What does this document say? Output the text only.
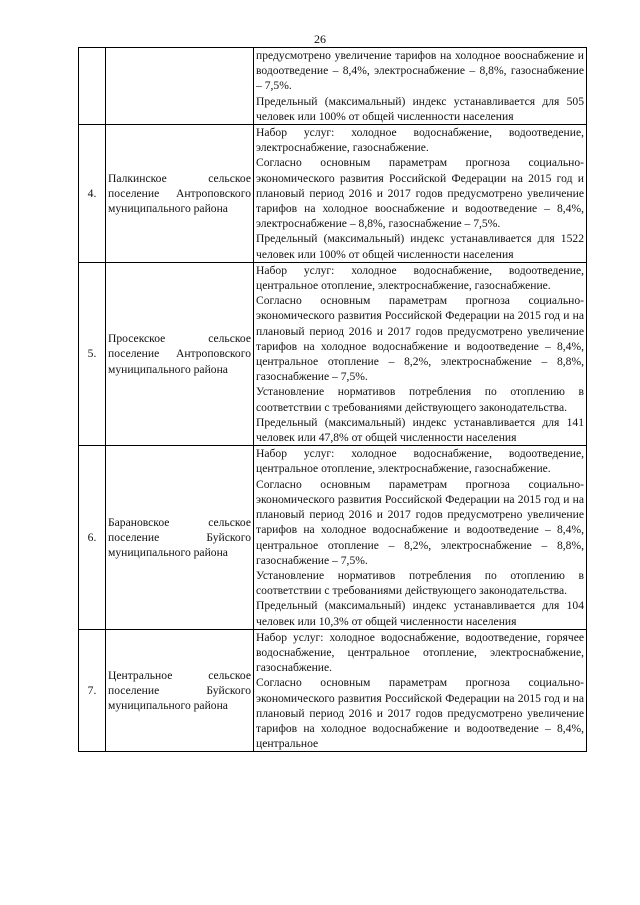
26

		предусмотрено увеличение тарифов на холодное вооснабжение и водоотведение – 8,4%, электроснабжение – 8,8%, газоснабжение – 7,5%.
Предельный (максимальный) индекс устанавливается для 505 человек или 100% от общей численности населения

4.	Палкинское сельское поселение Антроповского муниципального района	Набор услуг: холодное водоснабжение, водоотведение, электроснабжение, газоснабжение.
Согласно основным параметрам прогноза социально-экономического развития Российской Федерации на 2015 год и плановый период 2016 и 2017 годов предусмотрено увеличение тарифов на холодное вооснабжение и водоотведение – 8,4%, электроснабжение – 8,8%, газоснабжение – 7,5%.
Предельный (максимальный) индекс устанавливается для 1522 человек или 100% от общей численности населения

5.	Просекское сельское поселение Антроповского муниципального района	Набор услуг: холодное водоснабжение, водоотведение, центральное отопление, электроснабжение, газоснабжение.
Согласно основным параметрам прогноза социально-экономического развития Российской Федерации на 2015 год и на плановый период 2016 и 2017 годов предусмотрено увеличение тарифов на холодное водоснабжение и водоотведение – 8,4%, центральное отопление – 8,2%, электроснабжение – 8,8%, газоснабжение – 7,5%.
Установление нормативов потребления по отоплению в соответствии с требованиями действующего законодательства.
Предельный (максимальный) индекс устанавливается для 141 человек или 47,8% от общей численности населения

6.	Барановское сельское поселение Буйского муниципального района	Набор услуг: холодное водоснабжение, водоотведение, центральное отопление, электроснабжение, газоснабжение.
Согласно основным параметрам прогноза социально-экономического развития Российской Федерации на 2015 год и на плановый период 2016 и 2017 годов предусмотрено увеличение тарифов на холодное водоснабжение и водоотведение – 8,4%, центральное отопление – 8,2%, электроснабжение – 8,8%, газоснабжение – 7,5%.
Установление нормативов потребления по отоплению в соответствии с требованиями действующего законодательства.
Предельный (максимальный) индекс устанавливается для 104 человек или 10,3% от общей численности населения

7.	Центральное сельское поселение Буйского муниципального района	Набор услуг: холодное водоснабжение, водоотведение, горячее водоснабжение, центральное отопление, электроснабжение, газоснабжение.
Согласно основным параметрам прогноза социально-экономического развития Российской Федерации на 2015 год и на плановый период 2016 и 2017 годов предусмотрено увеличение тарифов на холодное водоснабжение и водоотведение – 8,4%, центральное
